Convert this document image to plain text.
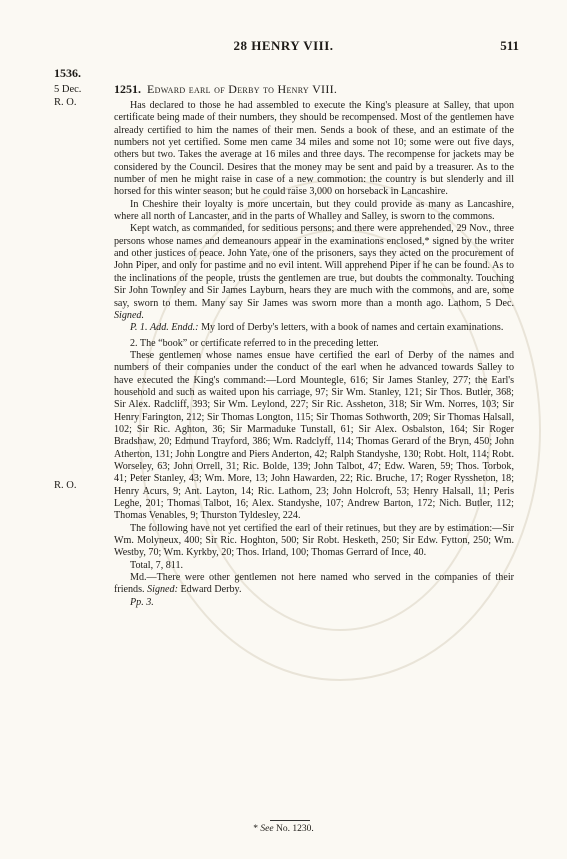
28 HENRY VIII.	511
1536.
5 Dec.
R. O.
R. O.
1251. Edward earl of Derby to Henry VIII.

Has declared to those he had assembled to execute the King's pleasure at Salley, that upon certificate being made of their numbers, they should be recompensed. Most of the gentlemen have already certified to him the names of their men. Sends a book of these, and an estimate of the numbers not yet certified. Some men came 34 miles and some not 10; some were out five days, others but two. Takes the average at 16 miles and three days. The recompense for jackets may be considered by the Council. Desires that the money may be sent and paid by a treasurer. As to the number of men he might raise in case of a new commotion: the country is but slenderly and ill horsed for this winter season; but he could raise 3,000 on horseback in Lancashire.

In Cheshire their loyalty is more uncertain, but they could provide as many as Lancashire, where all north of Lancaster, and in the parts of Whalley and Salley, is sworn to the commons.

Kept watch, as commanded, for seditious persons; and there were apprehended, 29 Nov., three persons whose names and demeanours appear in the examinations enclosed,* signed by the writer and other justices of peace. John Yate, one of the prisoners, says they acted on the procurement of John Piper, and only for pastime and no evil intent. Will apprehend Piper if he can be found. As to the inclinations of the people, trusts the gentlemen are true, but doubts the commonalty. Touching Sir John Townley and Sir James Layburn, hears they are much with the commons, and are, some say, sworn to them. Many say Sir James was sworn more than a month ago. Lathom, 5 Dec. Signed.

P. 1. Add. Endd.: My lord of Derby's letters, with a book of names and certain examinations.

2. The “book” or certificate referred to in the preceding letter.

These gentlemen whose names ensue have certified the earl of Derby of the names and numbers of their companies under the conduct of the earl when he advanced towards Salley to have executed the King's command:—Lord Mountegle, 616; Sir James Stanley, 277; the Earl's household and such as waited upon his carriage, 97; Sir Wm. Stanley, 121; Sir Thos. Butler, 368; Sir Alex. Radcliff, 393; Sir Wm. Leylond, 227; Sir Ric. Assheton, 318; Sir Wm. Norres, 103; Sir Henry Farington, 212; Sir Thomas Longton, 115; Sir Thomas Sothworth, 209; Sir Thomas Halsall, 102; Sir Ric. Aghton, 36; Sir Marmaduke Tunstall, 61; Sir Alex. Osbalston, 164; Sir Roger Bradshaw, 20; Edmund Trayford, 386; Wm. Radclyff, 114; Thomas Gerard of the Bryn, 450; John Atherton, 131; John Longtre and Piers Anderton, 42; Ralph Standyshe, 130; Robt. Holt, 114; Robt. Worseley, 63; John Orrell, 31; Ric. Bolde, 139; John Talbot, 47; Edw. Waren, 59; Thos. Torbok, 41; Peter Stanley, 43; Wm. More, 13; John Hawarden, 22; Ric. Bruche, 17; Roger Ryssheton, 18; Henry Acurs, 9; Ant. Layton, 14; Ric. Lathom, 23; John Holcroft, 53; Henry Halsall, 11; Peris Leghe, 201; Thomas Talbot, 16; Alex. Standyshe, 107; Andrew Barton, 172; Nich. Butler, 112; Thomas Venables, 9; Thurston Tyldesley, 224.

The following have not yet certified the earl of their retinues, but they are by estimation:—Sir Wm. Molyneux, 400; Sir Ric. Hoghton, 500; Sir Robt. Hesketh, 250; Sir Edw. Fytton, 250; Wm. Westby, 70; Wm. Kyrkby, 20; Thos. Irland, 100; Thomas Gerrard of Ince, 40.

Total, 7, 811.

Md.—There were other gentlemen not here named who served in the companies of their friends. Signed: Edward Derby.

Pp. 3.

* See No. 1230.
